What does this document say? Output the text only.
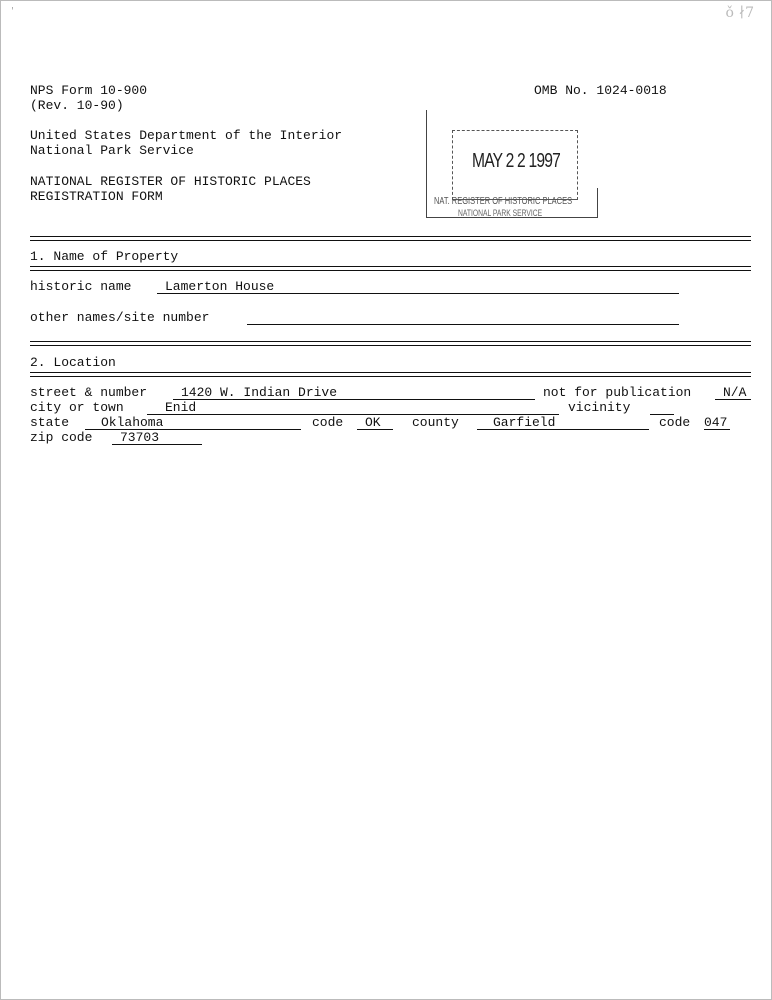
'	ǒ ∤7
NPS Form 10-900
(Rev. 10-90)
OMB No. 1024-0018
United States Department of the Interior
National Park Service
NATIONAL REGISTER OF HISTORIC PLACES
REGISTRATION FORM
MAY 2 2 1997
NAT. REGISTER OF HISTORIC PLACES
NATIONAL PARK SERVICE
1. Name of Property
historic name	Lamerton House
other names/site number
2. Location
street & number	1420 W. Indian Drive	not for publication	N/A
city or town	Enid	vicinity
state	Oklahoma	code	OK	county	Garfield	code 047
zip code	73703
